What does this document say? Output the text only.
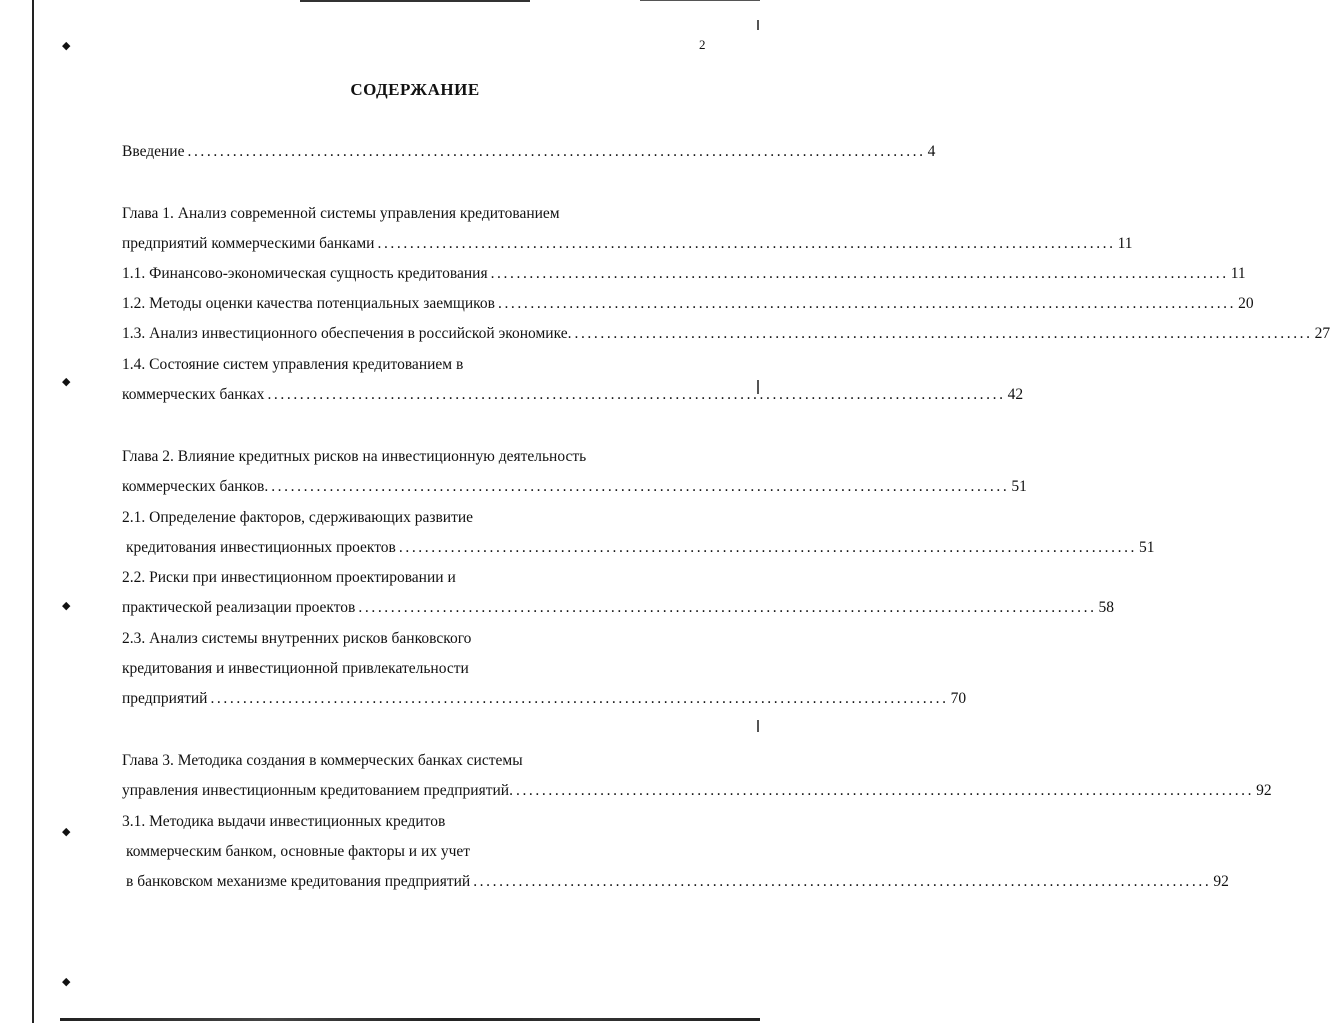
◆
◆
◆
◆
◆
2
СОДЕРЖАНИЕ
Введение .................................................................................................................. 4
Глава 1. Анализ современной системы управления кредитованием
предприятий коммерческими банками .................................................................................................................. 11
1.1. Финансово-экономическая сущность кредитования .................................................................................................................. 11
1.2. Методы оценки качества потенциальных заемщиков .................................................................................................................. 20
1.3. Анализ инвестиционного обеспечения в российской экономике. .................................................................................................................. 27
1.4. Состояние систем управления кредитованием в
коммерческих банках .................................................................................................................. 42
Глава 2. Влияние кредитных рисков на инвестиционную деятельность
коммерческих банков. .................................................................................................................. 51
2.1. Определение факторов, сдерживающих развитие
кредитования инвестиционных проектов .................................................................................................................. 51
2.2. Риски при инвестиционном проектировании и
практической реализации проектов .................................................................................................................. 58
2.3. Анализ системы внутренних рисков банковского
кредитования и инвестиционной привлекательности
предприятий .................................................................................................................. 70
Глава 3. Методика создания в коммерческих банках системы
управления инвестиционным кредитованием предприятий. .................................................................................................................. 92
3.1. Методика выдачи инвестиционных кредитов
коммерческим банком, основные факторы и их учет
в банковском механизме кредитования предприятий .................................................................................................................. 92
